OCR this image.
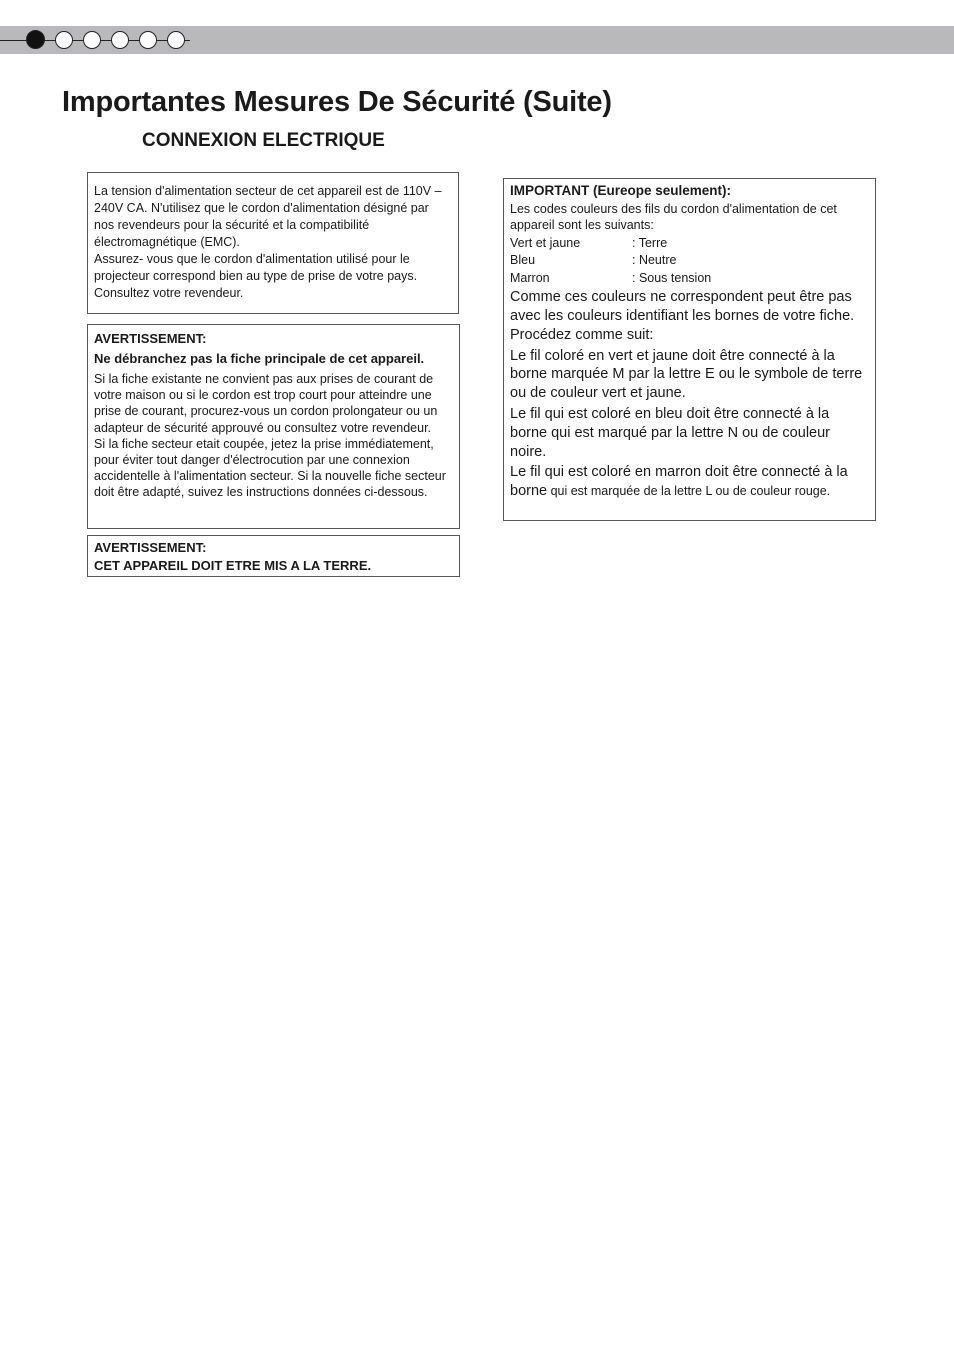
Importantes Mesures De Sécurité (Suite)
CONNEXION ELECTRIQUE

La tension d'alimentation secteur de cet appareil est de 110V – 240V CA. N'utilisez que le cordon d'alimentation désigné par nos revendeurs pour la sécurité et la compatibilité électromagnétique (EMC).

Assurez- vous que le cordon d'alimentation utilisé pour le projecteur correspond bien au type de prise de votre pays. Consultez votre revendeur.

AVERTISSEMENT:

Ne débranchez pas la fiche principale de cet appareil.

Si la fiche existante ne convient pas aux prises de courant de votre maison ou si le cordon est trop court pour atteindre une prise de courant, procurez-vous un cordon prolongateur ou un adapteur de sécurité approuvé ou consultez votre revendeur.

Si la fiche secteur etait coupée, jetez la prise immédiatement, pour éviter tout danger d'électrocution par une connexion accidentelle à l'alimentation secteur. Si la nouvelle fiche secteur doit être adapté, suivez les instructions données ci-dessous.

AVERTISSEMENT:

CET APPAREIL DOIT ETRE MIS A LA TERRE.

IMPORTANT (Eureope seulement):

Les codes couleurs des fils du cordon d'alimentation de cet appareil sont les suivants:

Vert et jaune	: Terre
Bleu	: Neutre
Marron	: Sous tension

Comme ces couleurs ne correspondent peut être pas avec les couleurs identifiant les bornes de votre fiche. Procédez comme suit:

Le fil coloré en vert et jaune doit être connecté à la borne marquée M par la lettre E ou le symbole de terre ou de couleur vert et jaune.

Le fil qui est coloré en bleu doit être connecté à la borne qui est marqué par la lettre N ou de couleur noire.

Le fil qui est coloré en marron doit être connecté à la borne qui est marquée de la lettre L ou de couleur rouge.
